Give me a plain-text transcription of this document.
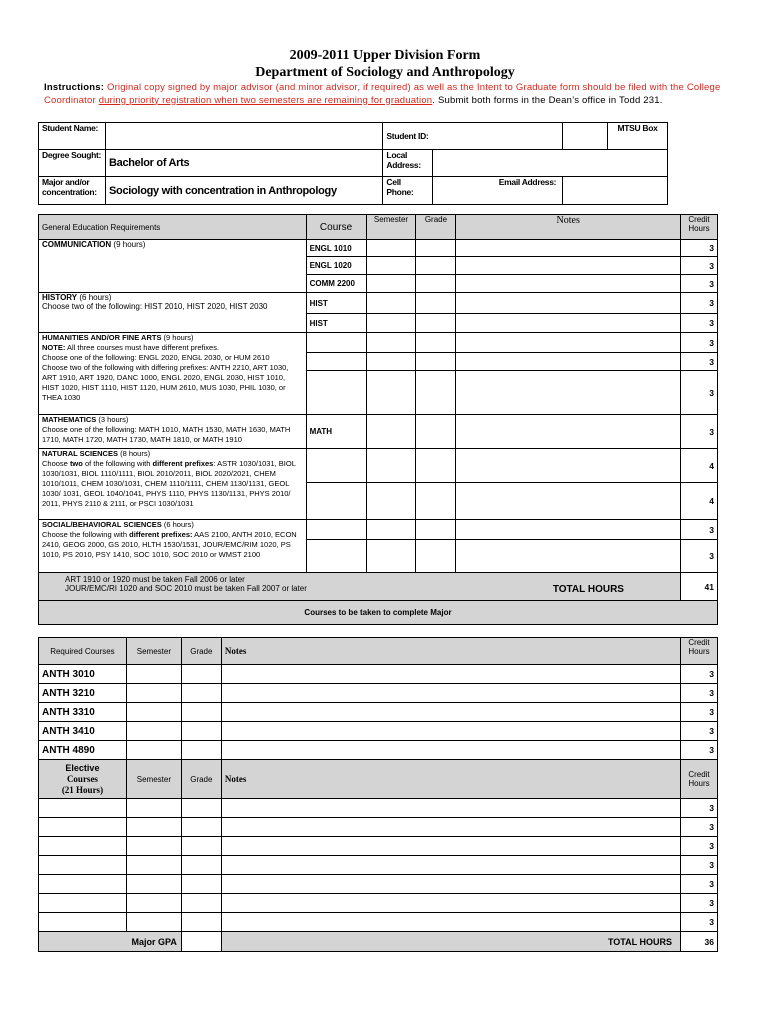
2009-2011 Upper Division Form
Department of Sociology and Anthropology
Instructions: Original copy signed by major advisor (and minor advisor, if required) as well as the Intent to Graduate form should be filed with the College Coordinator during priority registration when two semesters are remaining for graduation. Submit both forms in the Dean’s office in Todd 231.
Student Name:		Student ID:			MTSU Box
Degree Sought:	Bachelor of Arts	Local Address:			
Major and/or concentration:	Sociology with concentration in Anthropology	Cell Phone:	Email Address:		
General Education Requirements	Course	Semester	Grade	Notes	Credit Hours
COMMUNICATION (9 hours)	ENGL 1010				3
	ENGL 1020				3
	COMM 2200				3

HISTORY (6 hours)
Choose two of the following: HIST 2010, HIST 2020, HIST 2030	HIST				3
	HIST				3

HUMANITIES AND/OR FINE ARTS (9 hours)
NOTE: All three courses must have different prefixes.
Choose one of the following: ENGL 2020, ENGL 2030, or HUM 2610
Choose two of the following with differing prefixes: ANTH 2210, ART 1030, ART 1910, ART 1920, DANC 1000, ENGL 2020, ENGL 2030, HIST 1010, HIST 1020, HIST 1110, HIST 1120, HUM 2610, MUS 1030, PHIL 1030, or THEA 1030					3
					3
					3

MATHEMATICS (3 hours)
Choose one of the following: MATH 1010, MATH 1530, MATH 1630, MATH 1710, MATH 1720, MATH 1730, MATH 1810, or MATH 1910	MATH				3

NATURAL SCIENCES (8 hours)
Choose two of the following with different prefixes: ASTR 1030/1031, BIOL 1030/1031, BIOL 1110/1111, BIOL 2010/2011, BIOL 2020/2021, CHEM 1010/1011, CHEM 1030/1031, CHEM 1110/1111, CHEM 1130/1131, GEOL 1030/ 1031, GEOL 1040/1041, PHYS 1110, PHYS 1130/1131, PHYS 2010/ 2011, PHYS 2110 & 2111, or PSCI 1030/1031					4
					4

SOCIAL/BEHAVIORAL SCIENCES (6 hours)
Choose the following with different prefixes: AAS 2100, ANTH 2010, ECON 2410, GEOG 2000, GS 2010, HLTH 1530/1531, JOUR/EMC/RIM 1020, PS 1010, PS 2010, PSY 1410, SOC 1010, SOC 2010 or WMST 2100					3
					3

ART 1910 or 1920 must be taken Fall 2006 or later
JOUR/EMC/RI 1020 and SOC 2010 must be taken Fall 2007 or later TOTAL HOURS					41
Courses to be taken to complete Major					
Required Courses	Semester	Grade	Notes	Credit Hours
ANTH 3010				3
ANTH 3210				3
ANTH 3310				3
ANTH 3410				3
ANTH 4890				3

Elective
Courses
(21 Hours)	Semester	Grade	Notes	Credit Hours
				3
				3
				3
				3
				3
				3
				3
Major GPA			TOTAL HOURS	36
